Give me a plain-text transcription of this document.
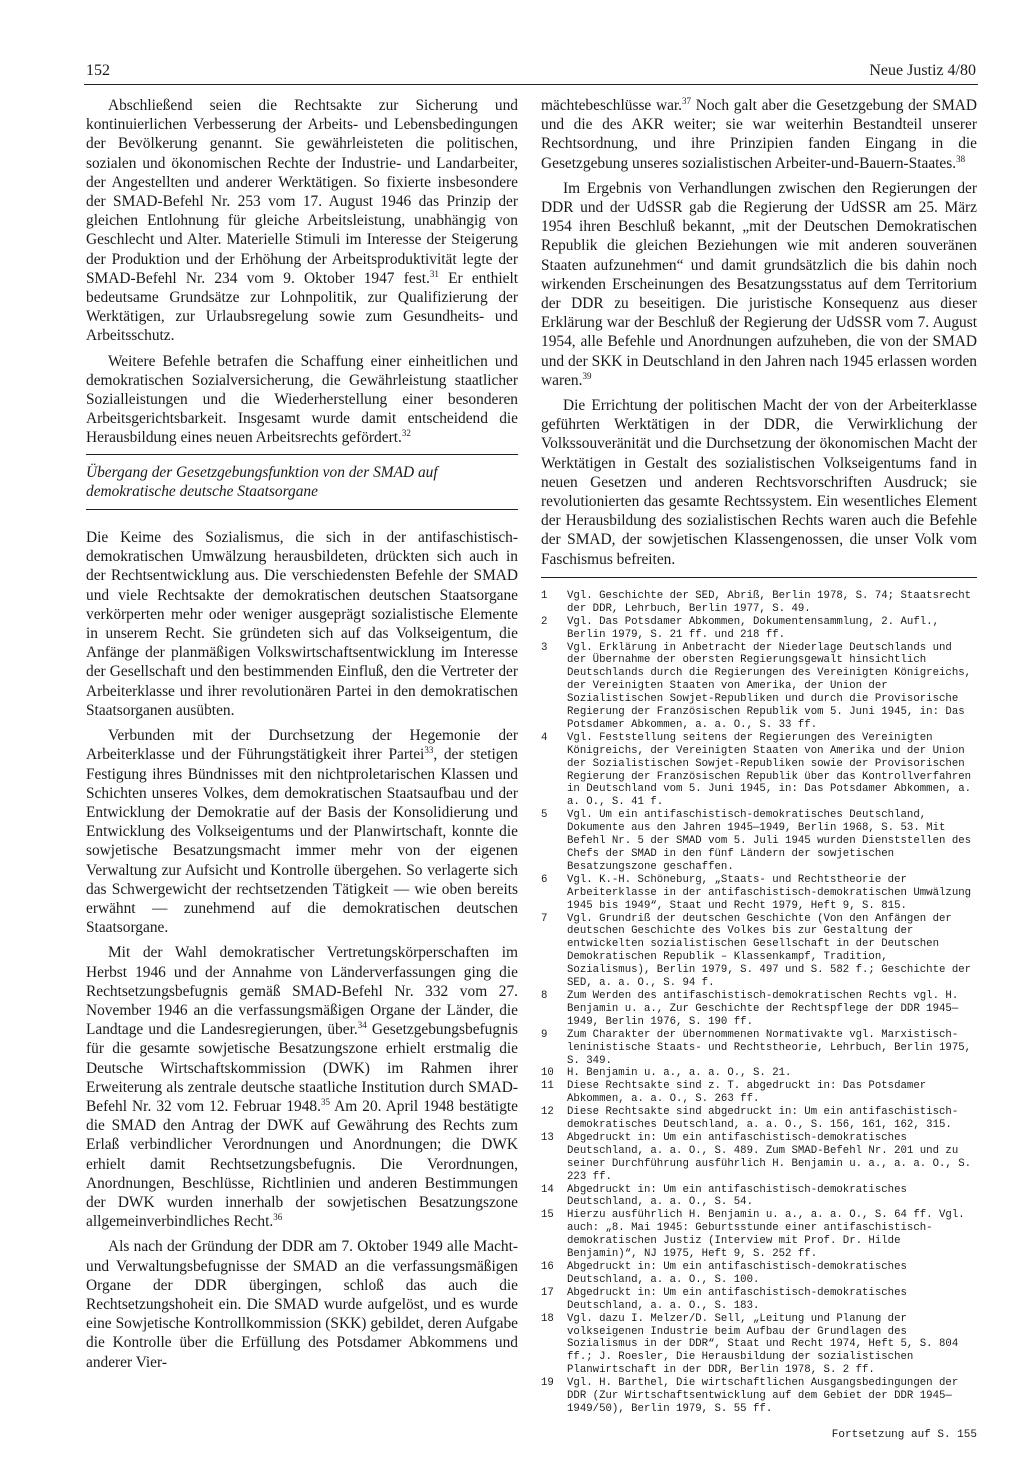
152	Neue Justiz 4/80

Abschließend seien die Rechtsakte zur Sicherung und kontinuierlichen Verbesserung der Arbeits- und Lebensbedingungen der Bevölkerung genannt. Sie gewährleisteten die politischen, sozialen und ökonomischen Rechte der Industrie- und Landarbeiter, der Angestellten und anderer Werktätigen. So fixierte insbesondere der SMAD-Befehl Nr. 253 vom 17. August 1946 das Prinzip der gleichen Entlohnung für gleiche Arbeitsleistung, unabhängig von Geschlecht und Alter. Materielle Stimuli im Interesse der Steigerung der Produktion und der Erhöhung der Arbeitsproduktivität legte der SMAD-Befehl Nr. 234 vom 9. Oktober 1947 fest.$^{31}$ Er enthielt bedeutsame Grundsätze zur Lohnpolitik, zur Qualifizierung der Werktätigen, zur Urlaubsregelung sowie zum Gesundheits- und Arbeitsschutz.

Weitere Befehle betrafen die Schaffung einer einheitlichen und demokratischen Sozialversicherung, die Gewährleistung staatlicher Sozialleistungen und die Wiederherstellung einer besonderen Arbeitsgerichtsbarkeit. Insgesamt wurde damit entscheidend die Herausbildung eines neuen Arbeitsrechts gefördert.$^{32}$

Übergang der Gesetzgebungsfunktion von der SMAD auf demokratische deutsche Staatsorgane

Die Keime des Sozialismus, die sich in der antifaschistisch-demokratischen Umwälzung herausbildeten, drückten sich auch in der Rechtsentwicklung aus. Die verschiedensten Befehle der SMAD und viele Rechtsakte der demokratischen deutschen Staatsorgane verkörperten mehr oder weniger ausgeprägt sozialistische Elemente in unserem Recht. Sie gründeten sich auf das Volkseigentum, die Anfänge der planmäßigen Volkswirtschaftsentwicklung im Interesse der Gesellschaft und den bestimmenden Einfluß, den die Vertreter der Arbeiterklasse und ihrer revolutionären Partei in den demokratischen Staatsorganen ausübten.

Verbunden mit der Durchsetzung der Hegemonie der Arbeiterklasse und der Führungstätigkeit ihrer Partei$^{33}$, der stetigen Festigung ihres Bündnisses mit den nichtproletarischen Klassen und Schichten unseres Volkes, dem demokratischen Staatsaufbau und der Entwicklung der Demokratie auf der Basis der Konsolidierung und Entwicklung des Volkseigentums und der Planwirtschaft, konnte die sowjetische Besatzungsmacht immer mehr von der eigenen Verwaltung zur Aufsicht und Kontrolle übergehen. So verlagerte sich das Schwergewicht der rechtsetzenden Tätigkeit — wie oben bereits erwähnt — zunehmend auf die demokratischen deutschen Staatsorgane.

Mit der Wahl demokratischer Vertretungskörperschaften im Herbst 1946 und der Annahme von Länderverfassungen ging die Rechtsetzungsbefugnis gemäß SMAD-Befehl Nr. 332 vom 27. November 1946 an die verfassungsmäßigen Organe der Länder, die Landtage und die Landesregierungen, über.$^{34}$ Gesetzgebungsbefugnis für die gesamte sowjetische Besatzungszone erhielt erstmalig die Deutsche Wirtschaftskommission (DWK) im Rahmen ihrer Erweiterung als zentrale deutsche staatliche Institution durch SMAD-Befehl Nr. 32 vom 12. Februar 1948.35 Am 20. April 1948 bestätigte die SMAD den Antrag der DWK auf Gewährung des Rechts zum Erlaß verbindlicher Verordnungen und Anordnungen; die DWK erhielt damit Rechtsetzungsbefugnis. Die Verordnungen, Anordnungen, Beschlüsse, Richtlinien und anderen Bestimmungen der DWK wurden innerhalb der sowjetischen Besatzungszone allgemeinverbindliches Recht.$^{36}$

Als nach der Gründung der DDR am 7. Oktober 1949 alle Macht- und Verwaltungsbefugnisse der SMAD an die verfassungsmäßigen Organe der DDR übergingen, schloß das auch die Rechtsetzungshoheit ein. Die SMAD wurde aufgelöst, und es wurde eine Sowjetische Kontrollkommission (SKK) gebildet, deren Aufgabe die Kontrolle über die Erfüllung des Potsdamer Abkommens und anderer Vier-

mächtebeschlüsse war.$^{37}$ Noch galt aber die Gesetzgebung der SMAD und die des AKR weiter; sie war weiterhin Bestandteil unserer Rechtsordnung, und ihre Prinzipien fanden Eingang in die Gesetzgebung unseres sozialistischen Arbeiter-und-Bauern-Staates.$^{38}$

Im Ergebnis von Verhandlungen zwischen den Regierungen der DDR und der UdSSR gab die Regierung der UdSSR am 25. März 1954 ihren Beschluß bekannt, „mit der Deutschen Demokratischen Republik die gleichen Beziehungen wie mit anderen souveränen Staaten aufzunehmen“ und damit grundsätzlich die bis dahin noch wirkenden Erscheinungen des Besatzungsstatus auf dem Territorium der DDR zu beseitigen. Die juristische Konsequenz aus dieser Erklärung war der Beschluß der Regierung der UdSSR vom 7. August 1954, alle Befehle und Anordnungen aufzuheben, die von der SMAD und der SKK in Deutschland in den Jahren nach 1945 erlassen worden waren.$^{39}$

Die Errichtung der politischen Macht der von der Arbeiterklasse geführten Werktätigen in der DDR, die Verwirklichung der Volkssouveränität und die Durchsetzung der ökonomischen Macht der Werktätigen in Gestalt des sozialistischen Volkseigentums fand in neuen Gesetzen und anderen Rechtsvorschriften Ausdruck; sie revolutionierten das gesamte Rechtssystem. Ein wesentliches Element der Herausbildung des sozialistischen Rechts waren auch die Befehle der SMAD, der sowjetischen Klassengenossen, die unser Volk vom Faschismus befreiten.

1	Vgl. Geschichte der SED, Abriß, Berlin 1978, S. 74; Staatsrecht der DDR, Lehrbuch, Berlin 1977, S. 49.
2	Vgl. Das Potsdamer Abkommen, Dokumentensammlung, 2. Aufl., Berlin 1979, S. 21 ff. und 218 ff.
3	Vgl. Erklärung in Anbetracht der Niederlage Deutschlands und der Übernahme der obersten Regierungsgewalt hinsichtlich Deutschlands durch die Regierungen des Vereinigten Königreichs, der Vereinigten Staaten von Amerika, der Union der Sozialistischen Sowjet-Republiken und durch die Provisorische Regierung der Französischen Republik vom 5. Juni 1945, in: Das Potsdamer Abkommen, a. a. O., S. 33 ff.
4	Vgl. Feststellung seitens der Regierungen des Vereinigten Königreichs, der Vereinigten Staaten von Amerika und der Union der Sozialistischen Sowjet-Republiken sowie der Provisorischen Regierung der Französischen Republik über das Kontrollverfahren in Deutschland vom 5. Juni 1945, in: Das Potsdamer Abkommen, a. a. O., S. 41 f.
5	Vgl. Um ein antifaschistisch-demokratisches Deutschland, Dokumente aus den Jahren 1945—1949, Berlin 1968, S. 53. Mit Befehl Nr. 5 der SMAD vom 5. Juli 1945 wurden Dienststellen des Chefs der SMAD in den fünf Ländern der sowjetischen Besatzungszone geschaffen.
6	Vgl. K.-H. Schöneburg, „Staats- und Rechtstheorie der Arbeiterklasse in der antifaschistisch-demokratischen Umwälzung 1945 bis 1949“, Staat und Recht 1979, Heft 9, S. 815.
7	Vgl. Grundriß der deutschen Geschichte (Von den Anfängen der deutschen Geschichte des Volkes bis zur Gestaltung der entwickelten sozialistischen Gesellschaft in der Deutschen Demokratischen Republik – Klassenkampf, Tradition, Sozialismus), Berlin 1979, S. 497 und S. 582 f.; Geschichte der SED, a. a. O., S. 94 f.
8	Zum Werden des antifaschistisch-demokratischen Rechts vgl. H. Benjamin u. a., Zur Geschichte der Rechtspflege der DDR 1945—1949, Berlin 1976, S. 190 ff.
9	Zum Charakter der übernommenen Normativakte vgl. Marxistisch-leninistische Staats- und Rechtstheorie, Lehrbuch, Berlin 1975, S. 349.
10	H. Benjamin u. a., a. a. O., S. 21.
11	Diese Rechtsakte sind z. T. abgedruckt in: Das Potsdamer Abkommen, a. a. O., S. 263 ff.
12	Diese Rechtsakte sind abgedruckt in: Um ein antifaschistisch-demokratisches Deutschland, a. a. O., S. 156, 161, 162, 315.
13	Abgedruckt in: Um ein antifaschistisch-demokratisches Deutschland, a. a. O., S. 489. Zum SMAD-Befehl Nr. 201 und zu seiner Durchführung ausführlich H. Benjamin u. a., a. a. O., S. 223 ff.
14	Abgedruckt in: Um ein antifaschistisch-demokratisches Deutschland, a. a. O., S. 54.
15	Hierzu ausführlich H. Benjamin u. a., a. a. O., S. 64 ff. Vgl. auch: „8. Mai 1945: Geburtsstunde einer antifaschistisch-demokratischen Justiz (Interview mit Prof. Dr. Hilde Benjamin)“, NJ 1975, Heft 9, S. 252 ff.
16	Abgedruckt in: Um ein antifaschistisch-demokratisches Deutschland, a. a. O., S. 100.
17	Abgedruckt in: Um ein antifaschistisch-demokratisches Deutschland, a. a. O., S. 183.
18	Vgl. dazu I. Melzer/D. Sell, „Leitung und Planung der volkseigenen Industrie beim Aufbau der Grundlagen des Sozialismus in der DDR“, Staat und Recht 1974, Heft 5, S. 804 ff.; J. Roesler, Die Herausbildung der sozialistischen Planwirtschaft in der DDR, Berlin 1978, S. 2 ff.
19	Vgl. H. Barthel, Die wirtschaftlichen Ausgangsbedingungen der DDR (Zur Wirtschaftsentwicklung auf dem Gebiet der DDR 1945—1949/50), Berlin 1979, S. 55 ff.
Fortsetzung auf S. 155
